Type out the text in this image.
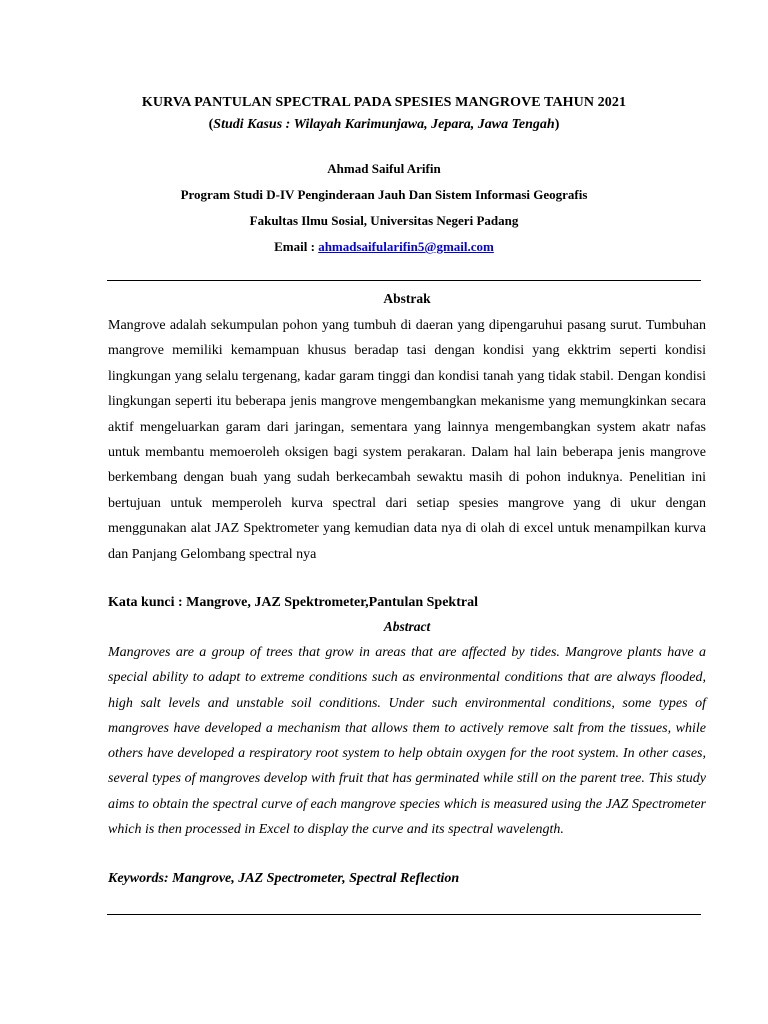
KURVA PANTULAN SPECTRAL PADA SPESIES MANGROVE TAHUN 2021

(Studi Kasus : Wilayah Karimunjawa, Jepara, Jawa Tengah)

Ahmad Saiful Arifin

Program Studi D-IV Penginderaan Jauh Dan Sistem Informasi Geografis

Fakultas Ilmu Sosial, Universitas Negeri Padang

Email : ahmadsaifularifin5@gmail.com

Abstrak

Mangrove adalah sekumpulan pohon yang tumbuh di daeran yang dipengaruhui pasang surut. Tumbuhan mangrove memiliki kemampuan khusus beradap tasi dengan kondisi yang ekktrim seperti kondisi lingkungan yang selalu tergenang, kadar garam tinggi dan kondisi tanah yang tidak stabil. Dengan kondisi lingkungan seperti itu beberapa jenis mangrove mengembangkan mekanisme yang memungkinkan secara aktif mengeluarkan garam dari jaringan, sementara yang lainnya mengembangkan system akatr nafas untuk membantu memoeroleh oksigen bagi system perakaran. Dalam hal lain beberapa jenis mangrove berkembang dengan buah yang sudah berkecambah sewaktu masih di pohon induknya. Penelitian ini bertujuan untuk memperoleh kurva spectral dari setiap spesies mangrove yang di ukur dengan menggunakan alat JAZ Spektrometer yang kemudian data nya di olah di excel untuk menampilkan kurva dan Panjang Gelombang spectral nya

Kata kunci : Mangrove, JAZ Spektrometer,Pantulan Spektral

Abstract

Mangroves are a group of trees that grow in areas that are affected by tides. Mangrove plants have a special ability to adapt to extreme conditions such as environmental conditions that are always flooded, high salt levels and unstable soil conditions. Under such environmental conditions, some types of mangroves have developed a mechanism that allows them to actively remove salt from the tissues, while others have developed a respiratory root system to help obtain oxygen for the root system. In other cases, several types of mangroves develop with fruit that has germinated while still on the parent tree. This study aims to obtain the spectral curve of each mangrove species which is measured using the JAZ Spectrometer which is then processed in Excel to display the curve and its spectral wavelength.

Keywords: Mangrove, JAZ Spectrometer, Spectral Reflection
